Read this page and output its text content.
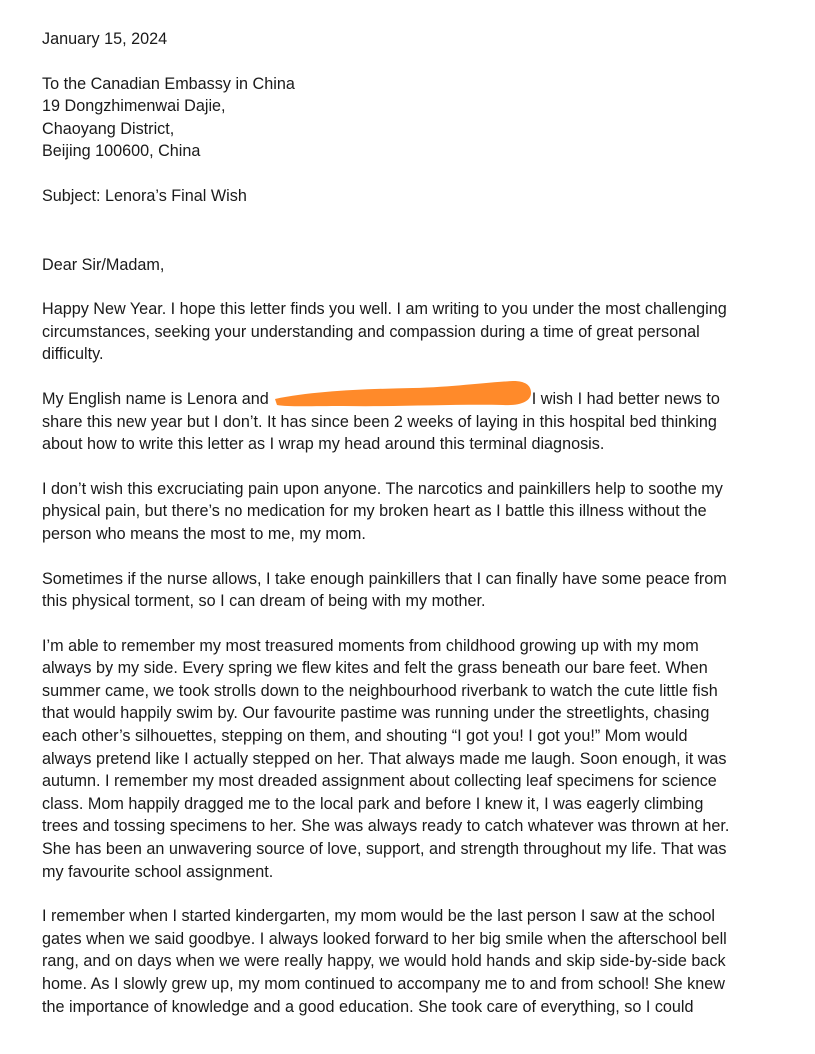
January 15, 2024
To the Canadian Embassy in China
19 Dongzhimenwai Dajie,
Chaoyang District,
Beijing 100600, China
Subject: Lenora’s Final Wish
Dear Sir/Madam,
Happy New Year. I hope this letter finds you well. I am writing to you under the most challenging
circumstances, seeking your understanding and compassion during a time of great personal
difficulty.
My English name is Lenora and	I wish I had better news to
share this new year but I don’t. It has since been 2 weeks of laying in this hospital bed thinking
about how to write this letter as I wrap my head around this terminal diagnosis.
I don’t wish this excruciating pain upon anyone. The narcotics and painkillers help to soothe my
physical pain, but there’s no medication for my broken heart as I battle this illness without the
person who means the most to me, my mom.
Sometimes if the nurse allows, I take enough painkillers that I can finally have some peace from
this physical torment, so I can dream of being with my mother.
I’m able to remember my most treasured moments from childhood growing up with my mom
always by my side. Every spring we flew kites and felt the grass beneath our bare feet. When
summer came, we took strolls down to the neighbourhood riverbank to watch the cute little fish
that would happily swim by. Our favourite pastime was running under the streetlights, chasing
each other’s silhouettes, stepping on them, and shouting “I got you! I got you!” Mom would
always pretend like I actually stepped on her. That always made me laugh. Soon enough, it was
autumn. I remember my most dreaded assignment about collecting leaf specimens for science
class. Mom happily dragged me to the local park and before I knew it, I was eagerly climbing
trees and tossing specimens to her. She was always ready to catch whatever was thrown at her.
She has been an unwavering source of love, support, and strength throughout my life. That was
my favourite school assignment.
I remember when I started kindergarten, my mom would be the last person I saw at the school
gates when we said goodbye. I always looked forward to her big smile when the afterschool bell
rang, and on days when we were really happy, we would hold hands and skip side-by-side back
home. As I slowly grew up, my mom continued to accompany me to and from school! She knew
the importance of knowledge and a good education. She took care of everything, so I could
